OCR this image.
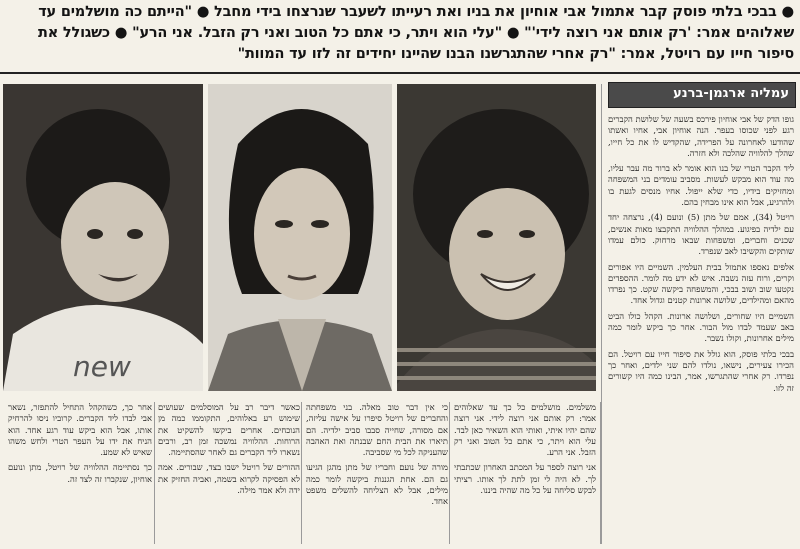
● בבכי בלתי פוסק קבר אתמול אבי אוחיון את בניו ואת רעייתו לשעבר שנרצחו בידי מחבל ● "הייתם כה מושלמים עד שאלוהים אמר: 'רק אותם אני רוצה לידי'" ● "עלי הוא ויתר, כי אתם כל הטוב ואני רק הזבל. אני הרע" ● כשגולל את סיפור חייו עם רויטל, אמר: "רק אחרי שהתגרשנו הבנו שהיינו יחידים זה לזו עד המוות"
new
עמליה ארגמן-ברנע

גופו הדק של אבי אוחיון פירכס בשעה של שלושת הקברים רגע לפני שכוסו בעפר. הנה אוחיון אבי, אחיו ואשתו שהודעו לאחרונה על הפרידה, שהקדיש לו את כל חייו, שהלך להלוויה שהלכה ולא חזרה.

ליד הקבר הטרי של בנו הוא אומר לא ברור מה עבר עליו, מה עוד הוא מבקש לעשות. מסביב עומדים בני המשפחה ומחזיקים בידיו, כדי שלא ייפול. אחיו מנסים לגעת בו ולהרגיע, אבל הוא אינו מבחין בהם.

רויטל (34), אמם של מתן (5) ונועם (4), נרצחה יחד עם ילדיה בפיגוע. במהלך ההלוויה התקבצו מאות אנשים, שכנים וחברים, ומשפחות שבאו מרחוק. כולם עמדו שותקים והקשיבו לאב שנפרד.

אלפים נאספו אתמול בבית העלמין. השמיים היו אפורים וקרים, ורוח עזה נשבה. איש לא ידע מה לומר. ההספדים נקטעו שוב ושוב בבכי, והמשפחה ביקשה שקט. כך נפרדו מהאם ומהילדים, שלושה ארונות קטנים וגדול אחד.

השמיים היו שחורים, ושלושה ארונות. הקהל כולו הביט באב שעמד לבדו מול הבור. אחר כך ביקש לומר כמה מילים אחרונות, וקולו נשבר.

בבכי בלתי פוסק, הוא גולל את סיפור חייו עם רויטל. הם הכירו צעירים, נישאו, נולדו להם שני ילדים, ואחר כך נפרדו. רק אחרי שהתגרשו, אמר, הבינו כמה היו קשורים זה לזו.

משלמים. מושלמים כל כך עד שאלוהים אמר: רק אותם אני רוצה לידי. אני רוצה שהם יהיו איתי, ואותי הוא השאיר כאן לבד. עלי הוא ויתר, כי אתם כל הטוב ואני רק הזבל. אני הרע.

אני רוצה לספר על המכתב האחרון שכתבתי לך. לא היה לי זמן לתת לך אותו. רציתי לבקש סליחה על כל מה שהיה ביננו.

כי אין דבר טוב מאלה. בני משפחתה והחברים של רויטל סיפרו על אישה עליזה, אם מסורה, שחייה סבבו סביב ילדיה. הם תיארו את הבית החם שבנתה ואת האהבה שהעניקה לכל מי שסביבה.

מורה של נועם וחבריו של מתן מהגן הגיעו גם הם. אחת הגננות ביקשה לומר כמה מילים, אבל לא הצליחה להשלים משפט אחד.

כאשר דיבר רב על המוסלמים שעושים שימוש רע באלוהים, התקוממו כמה מן הנוכחים. אחרים ביקשו להשקיט את הרוחות. ההלוויה נמשכה זמן רב, ורבים נשארו ליד הקברים גם לאחר שהסתיימה.

ההורים של רויטל ישבו בצד, שבורים. אמה לא הפסיקה לקרוא בשמה, ואביה החזיק את ידה ולא אמר מילה.

אחר כך, כשהקהל התחיל להתפזר, נשאר אבי לבדו ליד הקברים. קרוביו ניסו להרחיק אותו, אבל הוא ביקש עוד רגע אחד. הוא הניח את ידו על העפר הטרי ולחש משהו שאיש לא שמע.

כך נסתיימה ההלוויה של רויטל, מתן ונועם אוחיון, שנקברו זה לצד זה.
